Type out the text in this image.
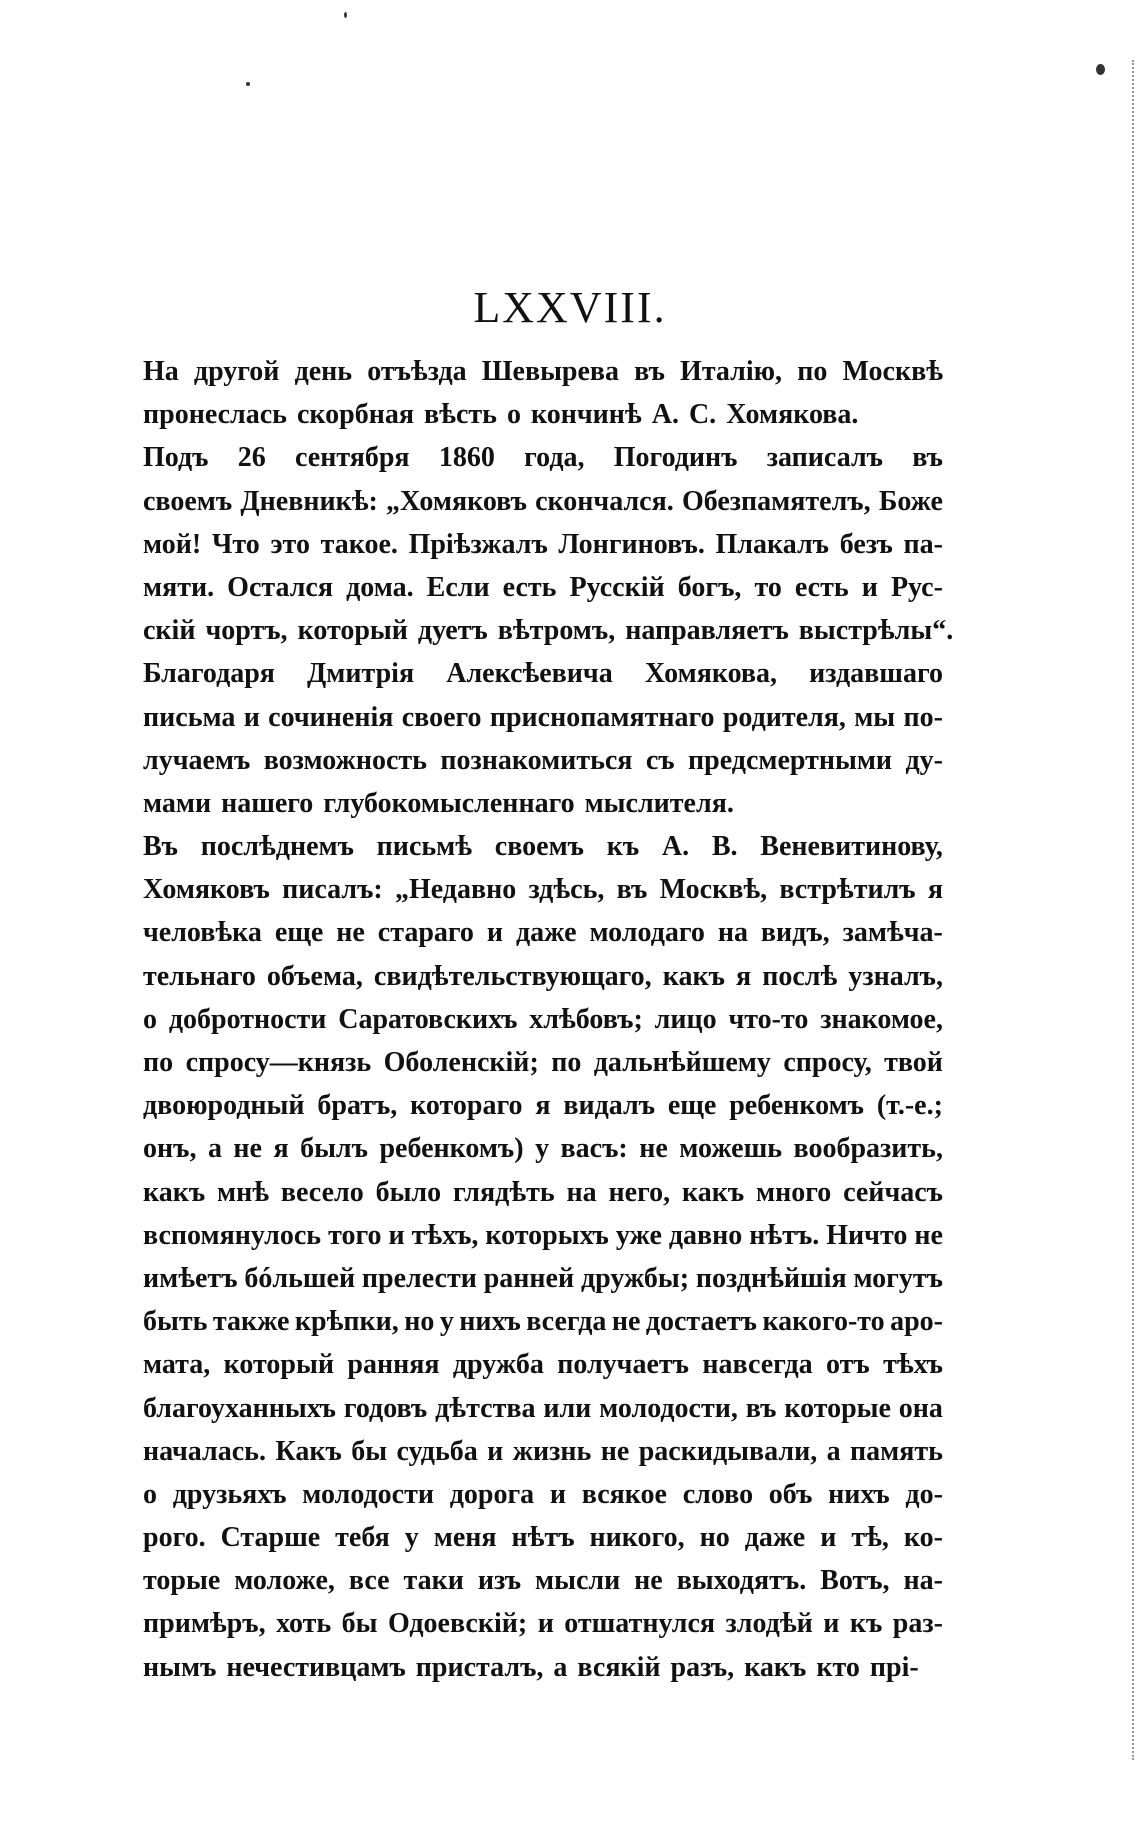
LXXVIII.
На другой день отъѣзда Шевырева въ Италію, по Москвѣ
пронеслась скорбная вѣсть о кончинѣ А. С. Хомякова.
Подъ 26 сентября 1860 года, Погодинъ записалъ въ
своемъ Дневникѣ: „Хомяковъ скончался. Обезпамятелъ, Боже
мой! Что это такое. Пріѣзжалъ Лонгиновъ. Плакалъ безъ па-
мяти. Остался дома. Если есть Русскій богъ, то есть и Рус-
скій чортъ, который дуетъ вѣтромъ, направляетъ выстрѣлы“.
Благодаря Дмитрія Алексѣевича Хомякова, издавшаго
письма и сочиненія своего приснопамятнаго родителя, мы по-
лучаемъ возможность познакомиться съ предсмертными ду-
мами нашего глубокомысленнаго мыслителя.
Въ послѣднемъ письмѣ своемъ къ А. В. Веневитинову,
Хомяковъ писалъ: „Недавно здѣсь, въ Москвѣ, встрѣтилъ я
человѣка еще не стараго и даже молодаго на видъ, замѣча-
тельнаго объема, свидѣтельствующаго, какъ я послѣ узналъ,
о добротности Саратовскихъ хлѣбовъ; лицо что-то знакомое,
по спросу—князь Оболенскій; по дальнѣйшему спросу, твой
двоюродный братъ, котораго я видалъ еще ребенкомъ (т.-е.;
онъ, а не я былъ ребенкомъ) у васъ: не можешь вообразить,
какъ мнѣ весело было глядѣть на него, какъ много сейчасъ
вспомянулось того и тѣхъ, которыхъ уже давно нѣтъ. Ничто не
имѣетъ бóльшей прелести ранней дружбы; позднѣйшія могутъ
быть также крѣпки, но у нихъ всегда не достаетъ какого-то аро-
мата, который ранняя дружба получаетъ навсегда отъ тѣхъ
благоуханныхъ годовъ дѣтства или молодости, въ которые она
началась. Какъ бы судьба и жизнь не раскидывали, а память
о друзьяхъ молодости дорога и всякое слово объ нихъ до-
рого. Старше тебя у меня нѣтъ никого, но даже и тѣ, ко-
торые моложе, все таки изъ мысли не выходятъ. Вотъ, на-
примѣръ, хоть бы Одоевскій; и отшатнулся злодѣй и къ раз-
нымъ нечестивцамъ присталъ, а всякій разъ, какъ кто прі-
